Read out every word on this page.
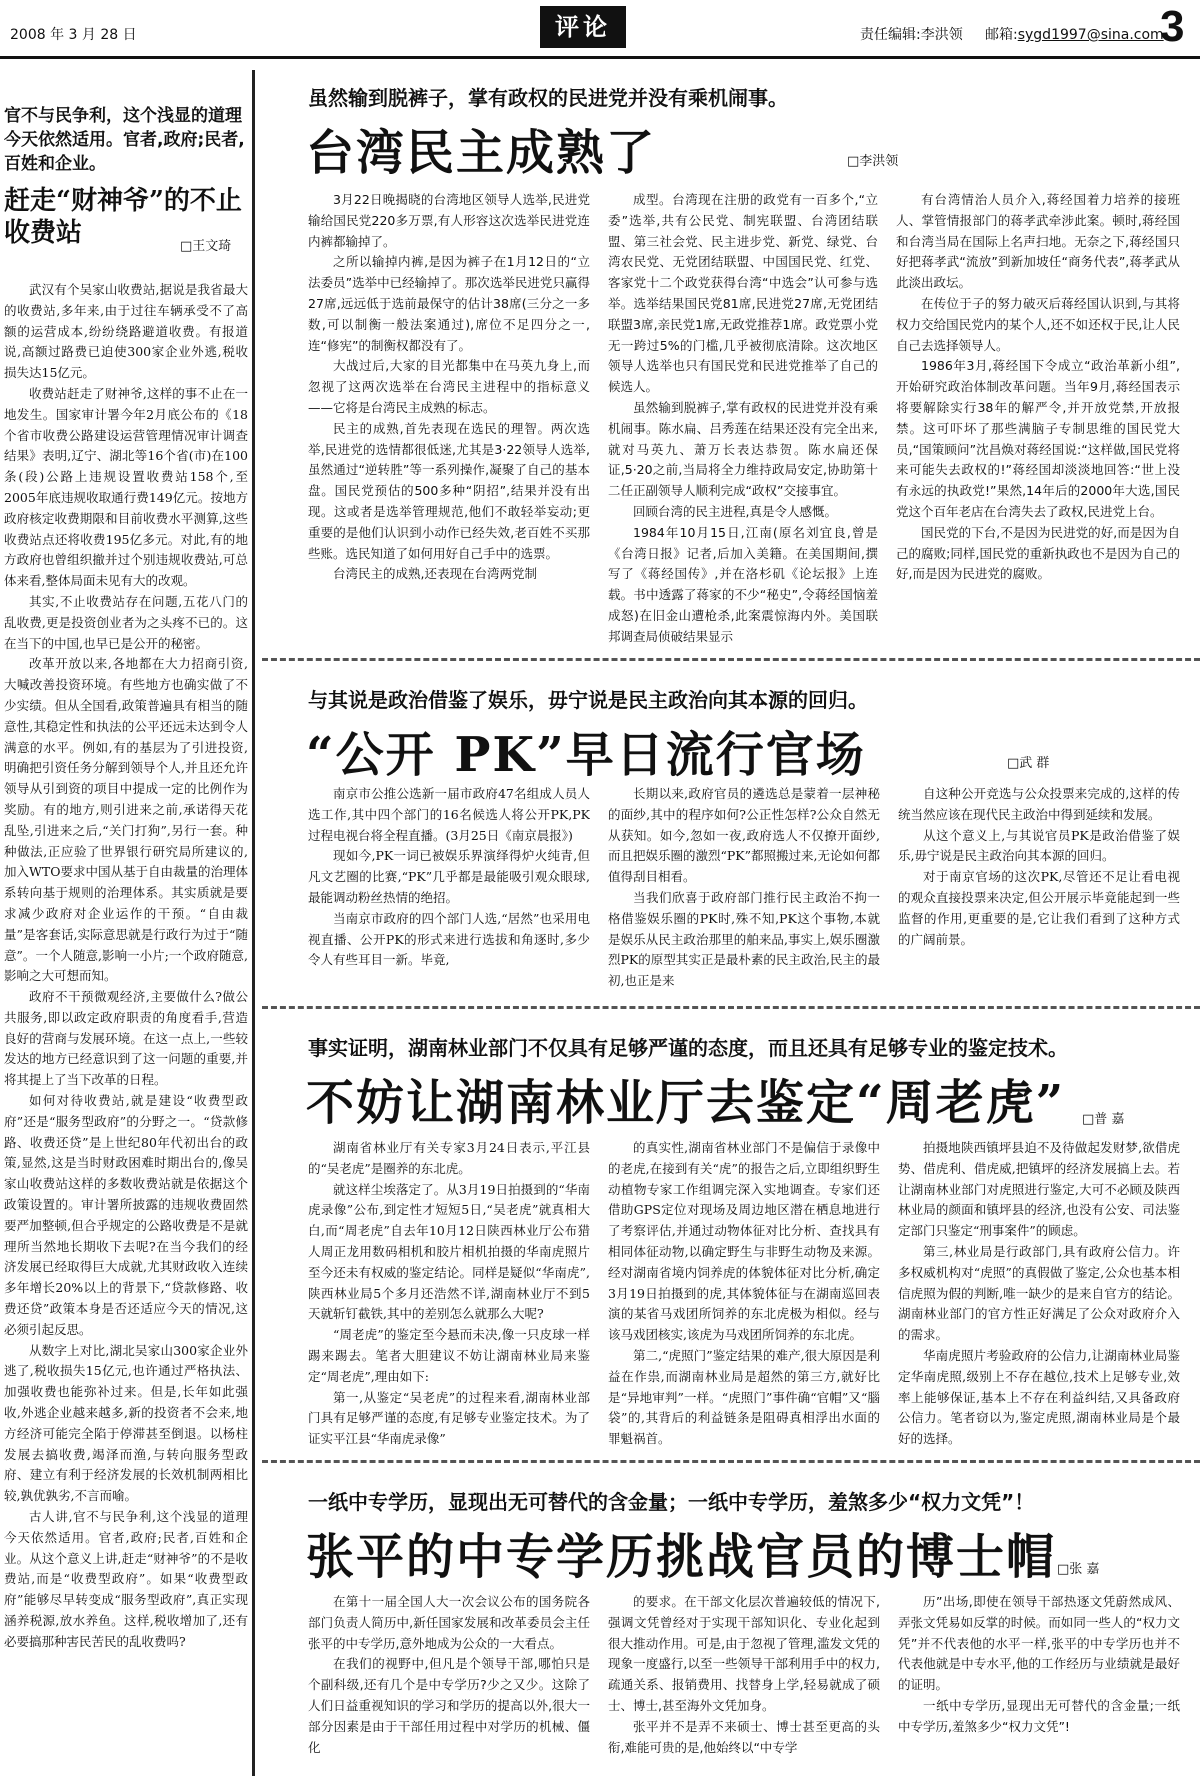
2008 年 3 月 28 日	评论	责任编辑:李洪领 邮箱:sygd1997@sina.com
3
官不与民争利，这个浅显的道理今天依然适用。官者,政府;民者,百姓和企业。
赶走“财神爷”的不止收费站	□王文琦

武汉有个吴家山收费站,据说是我省最大的收费站,多年来,由于过往车辆承受不了高额的运营成本,纷纷绕路避道收费。有报道说,高额过路费已迫使300家企业外逃,税收损失达15亿元。

收费站赶走了财神爷,这样的事不止在一地发生。国家审计署今年2月底公布的《18个省市收费公路建设运营管理情况审计调查结果》表明,辽宁、湖北等16个省(市)在100条(段)公路上违规设置收费站158个,至2005年底违规收取通行费149亿元。按地方政府核定收费期限和目前收费水平测算,这些收费站点还将收费195亿多元。对此,有的地方政府也曾组织撤并过个别违规收费站,可总体来看,整体局面未见有大的改观。

其实,不止收费站存在问题,五花八门的乱收费,更是投资创业者为之头疼不已的。这在当下的中国,也早已是公开的秘密。

改革开放以来,各地都在大力招商引资,大喊改善投资环境。有些地方也确实做了不少实绩。但从全国看,政策普遍具有相当的随意性,其稳定性和执法的公平还远未达到令人满意的水平。例如,有的基层为了引进投资,明确把引资任务分解到领导个人,并且还允许领导从引到资的项目中提成一定的比例作为奖励。有的地方,则引进来之前,承诺得天花乱坠,引进来之后,“关门打狗”,另行一套。种种做法,正应验了世界银行研究局所建议的,加入WTO要求中国从基于自由裁量的治理体系转向基于规则的治理体系。其实质就是要求减少政府对企业运作的干预。“自由裁量”是客套话,实际意思就是行政行为过于“随意”。一个人随意,影响一小片;一个政府随意,影响之大可想而知。

政府不干预微观经济,主要做什么?做公共服务,即以政定政府职责的角度看手,营造良好的营商与发展环境。在这一点上,一些较发达的地方已经意识到了这一问题的重要,并将其提上了当下改革的日程。

如何对待收费站,就是建设“收费型政府”还是“服务型政府”的分野之一。“贷款修路、收费还贷”是上世纪80年代初出台的政策,显然,这是当时财政困难时期出台的,像吴家山收费站这样的多数收费站就是依据这个政策设置的。审计署所披露的违规收费固然要严加整顿,但合乎规定的公路收费是不是就理所当然地长期收下去呢?在当今我们的经济发展已经取得巨大成就,尤其财政收入连续多年增长20%以上的背景下,“贷款修路、收费还贷”政策本身是否还适应今天的情况,这必须引起反思。

从数字上对比,湖北吴家山300家企业外逃了,税收损失15亿元,也许通过严格执法、加强收费也能弥补过来。但是,长年如此强收,外逃企业越来越多,新的投资者不会来,地方经济可能完全陷于停滞甚至倒退。以杨柱发展去搞收费,竭泽而渔,与转向服务型政府、建立有利于经济发展的长效机制两相比较,孰优孰劣,不言而喻。

古人讲,官不与民争利,这个浅显的道理今天依然适用。官者,政府;民者,百姓和企业。从这个意义上讲,赶走“财神爷”的不是收费站,而是“收费型政府”。如果“收费型政府”能够尽早转变成“服务型政府”,真正实现涵养税源,放水养鱼。这样,税收增加了,还有必要搞那种害民苦民的乱收费吗?

虽然输到脱裤子，掌有政权的民进党并没有乘机闹事。
台湾民主成熟了	□李洪领

3月22日晚揭晓的台湾地区领导人选举,民进党输给国民党220多万票,有人形容这次选举民进党连内裤都输掉了。

之所以输掉内裤,是因为裤子在1月12日的“立法委员”选举中已经输掉了。那次选举民进党只赢得27席,远远低于选前最保守的估计38席(三分之一多数,可以制衡一般法案通过),席位不足四分之一,连“修宪”的制衡权都没有了。

大战过后,大家的目光都集中在马英九身上,而忽视了这两次选举在台湾民主进程中的指标意义——它将是台湾民主成熟的标志。

民主的成熟,首先表现在选民的理智。两次选举,民进党的选情都很低迷,尤其是3·22领导人选举,虽然通过“逆转胜”等一系列操作,凝聚了自己的基本盘。国民党预估的500多种“阴招”,结果并没有出现。这或者是选举管理规范,他们不敢轻举妄动;更重要的是他们认识到小动作已经失效,老百姓不买那些账。选民知道了如何用好自己手中的选票。

台湾民主的成熟,还表现在台湾两党制

成型。台湾现在注册的政党有一百多个,“立委”选举,共有公民党、制宪联盟、台湾团结联盟、第三社会党、民主进步党、新党、绿党、台湾农民党、无党团结联盟、中国国民党、红党、客家党十二个政党获得台湾“中选会”认可参与选举。选举结果国民党81席,民进党27席,无党团结联盟3席,亲民党1席,无政党推荐1席。政党票小党无一跨过5%的门槛,几乎被彻底清除。这次地区领导人选举也只有国民党和民进党推举了自己的候选人。

虽然输到脱裤子,掌有政权的民进党并没有乘机闹事。陈水扁、吕秀莲在结果还没有完全出来,就对马英九、萧万长表达恭贺。陈水扁还保证,5·20之前,当局将全力维持政局安定,协助第十二任正副领导人顺利完成“政权”交接事宜。

回顾台湾的民主进程,真是令人感慨。

1984年10月15日,江南(原名刘宜良,曾是《台湾日报》记者,后加入美籍。在美国期间,撰写了《蒋经国传》,并在洛杉矶《论坛报》上连载。书中透露了蒋家的不少“秘史”,令蒋经国恼羞成怒)在旧金山遭枪杀,此案震惊海内外。美国联邦调查局侦破结果显示

有台湾情治人员介入,蒋经国着力培养的接班人、掌管情报部门的蒋孝武牵涉此案。顿时,蒋经国和台湾当局在国际上名声扫地。无奈之下,蒋经国只好把蒋孝武“流放”到新加坡任“商务代表”,蒋孝武从此淡出政坛。

在传位于子的努力破灭后蒋经国认识到,与其将权力交给国民党内的某个人,还不如还权于民,让人民自己去选择领导人。

1986年3月,蒋经国下令成立“政治革新小组”,开始研究政治体制改革问题。当年9月,蒋经国表示将要解除实行38年的解严令,并开放党禁,开放报禁。这可吓坏了那些满脑子专制思维的国民党大员,“国策顾问”沈昌焕对蒋经国说:“这样做,国民党将来可能失去政权的!”蒋经国却淡淡地回答:“世上没有永远的执政党!”果然,14年后的2000年大选,国民党这个百年老店在台湾失去了政权,民进党上台。

国民党的下台,不是因为民进党的好,而是因为自己的腐败;同样,国民党的重新执政也不是因为自己的好,而是因为民进党的腐败。

与其说是政治借鉴了娱乐，毋宁说是民主政治向其本源的回归。
“公开 PK”早日流行官场	□武 群

南京市公推公选新一届市政府47名组成人员人选工作,其中四个部门的16名候选人将公开PK,PK过程电视台将全程直播。(3月25日《南京晨报》)

现如今,PK一词已被娱乐界演绎得炉火纯青,但凡文艺圈的比赛,“PK”几乎都是最能吸引观众眼球,最能调动粉丝热情的绝招。

当南京市政府的四个部门人选,“居然”也采用电视直播、公开PK的形式来进行选拔和角逐时,多少令人有些耳目一新。毕竟,

长期以来,政府官员的遴选总是蒙着一层神秘的面纱,其中的程序如何?公正性怎样?公众自然无从获知。如今,忽如一夜,政府选人不仅撩开面纱,而且把娱乐圈的激烈“PK”都照搬过来,无论如何都值得刮目相看。

当我们欣喜于政府部门推行民主政治不拘一格借鉴娱乐圈的PK时,殊不知,PK这个事物,本就是娱乐从民主政治那里的舶来品,事实上,娱乐圈激烈PK的原型其实正是最朴素的民主政治,民主的最初,也正是来

自这种公开竞选与公众投票来完成的,这样的传统当然应该在现代民主政治中得到延续和发展。

从这个意义上,与其说官员PK是政治借鉴了娱乐,毋宁说是民主政治向其本源的回归。

对于南京官场的这次PK,尽管还不足让看电视的观众直接投票来决定,但公开展示毕竟能起到一些监督的作用,更重要的是,它让我们看到了这种方式的广阔前景。

事实证明，湖南林业部门不仅具有足够严谨的态度，而且还具有足够专业的鉴定技术。
不妨让湖南林业厅去鉴定“周老虎” □普 嘉

湖南省林业厅有关专家3月24日表示,平江县的“吴老虎”是圈养的东北虎。

就这样尘埃落定了。从3月19日拍摄到的“华南虎录像”公布,到定性才短短5日,“吴老虎”就真相大白,而“周老虎”自去年10月12日陕西林业厅公布猎人周正龙用数码相机和胶片相机拍摄的华南虎照片至今还未有权威的鉴定结论。同样是疑似“华南虎”,陕西林业局5个多月还浩然不详,湖南林业厅不到5天就斩钉截铁,其中的差别怎么就那么大呢?

“周老虎”的鉴定至今悬而未决,像一只皮球一样踢来踢去。笔者大胆建议不妨让湖南林业局来鉴定“周老虎”,理由如下:

第一,从鉴定“吴老虎”的过程来看,湖南林业部门具有足够严谨的态度,有足够专业鉴定技术。为了证实平江县“华南虎录像”

的真实性,湖南省林业部门不是偏信于录像中的老虎,在接到有关“虎”的报告之后,立即组织野生动植物专家工作组调完深入实地调查。专家们还借助GPS定位对现场及周边地区潜在栖息地进行了考察评估,并通过动物体征对比分析、查找具有相同体征动物,以确定野生与非野生动物及来源。经对湖南省境内饲养虎的体貌体征对比分析,确定3月19日拍摄到的虎,其体貌体征与在湖南巡回表演的某省马戏团所饲养的东北虎极为相似。经与该马戏团核实,该虎为马戏团所饲养的东北虎。

第二,“虎照门”鉴定结果的难产,很大原因是利益在作祟,而湖南林业局是超然的第三方,就好比是“异地审判”一样。“虎照门”事件确“官帽”又“腦袋”的,其背后的利益链条是阻碍真相浮出水面的罪魁祸首。

拍摄地陕西镇坪县迫不及待做起发财梦,欲借虎势、借虎利、借虎威,把镇坪的经济发展搞上去。若让湖南林业部门对虎照进行鉴定,大可不必顾及陕西林业局的颜面和镇坪县的经济,也没有公安、司法鉴定部门只鉴定“刑事案件”的顾虑。

第三,林业局是行政部门,具有政府公信力。许多权威机构对“虎照”的真假做了鉴定,公众也基本相信虎照为假的判断,唯一缺少的是来自官方的结论。湖南林业部门的官方性正好满足了公众对政府介入的需求。

华南虎照片考验政府的公信力,让湖南林业局鉴定华南虎照,级别上不存在越位,技术上足够专业,效率上能够保证,基本上不存在利益纠结,又具备政府公信力。笔者窃以为,鉴定虎照,湖南林业局是个最好的选择。

一纸中专学历，显现出无可替代的含金量；一纸中专学历，羞煞多少“权力文凭”！
张平的中专学历挑战官员的博士帽 □张 嘉

在第十一届全国人大一次会议公布的国务院各部门负责人简历中,新任国家发展和改革委员会主任张平的中专学历,意外地成为公众的一大看点。

在我们的视野中,但凡是个领导干部,哪怕只是个副科级,还有几个是中专学历?少之又少。这除了人们日益重视知识的学习和学历的提高以外,很大一部分因素是由于干部任用过程中对学历的机械、僵化

的要求。在干部文化层次普遍较低的情况下,强调文凭曾经对于实现干部知识化、专业化起到很大推动作用。可是,由于忽视了管理,滥发文凭的现象一度盛行,以至一些领导干部利用手中的权力,疏通关系、报销费用、找替身上学,轻易就成了硕士、博士,甚至海外文凭加身。

张平并不是弄不来硕士、博士甚至更高的头衔,难能可贵的是,他始终以“中专学

历”出场,即使在领导干部热逐文凭蔚然成风、弄张文凭易如反掌的时候。而如同一些人的“权力文凭”并不代表他的水平一样,张平的中专学历也并不代表他就是中专水平,他的工作经历与业绩就是最好的证明。

一纸中专学历,显现出无可替代的含金量;一纸中专学历,羞煞多少“权力文凭”!
